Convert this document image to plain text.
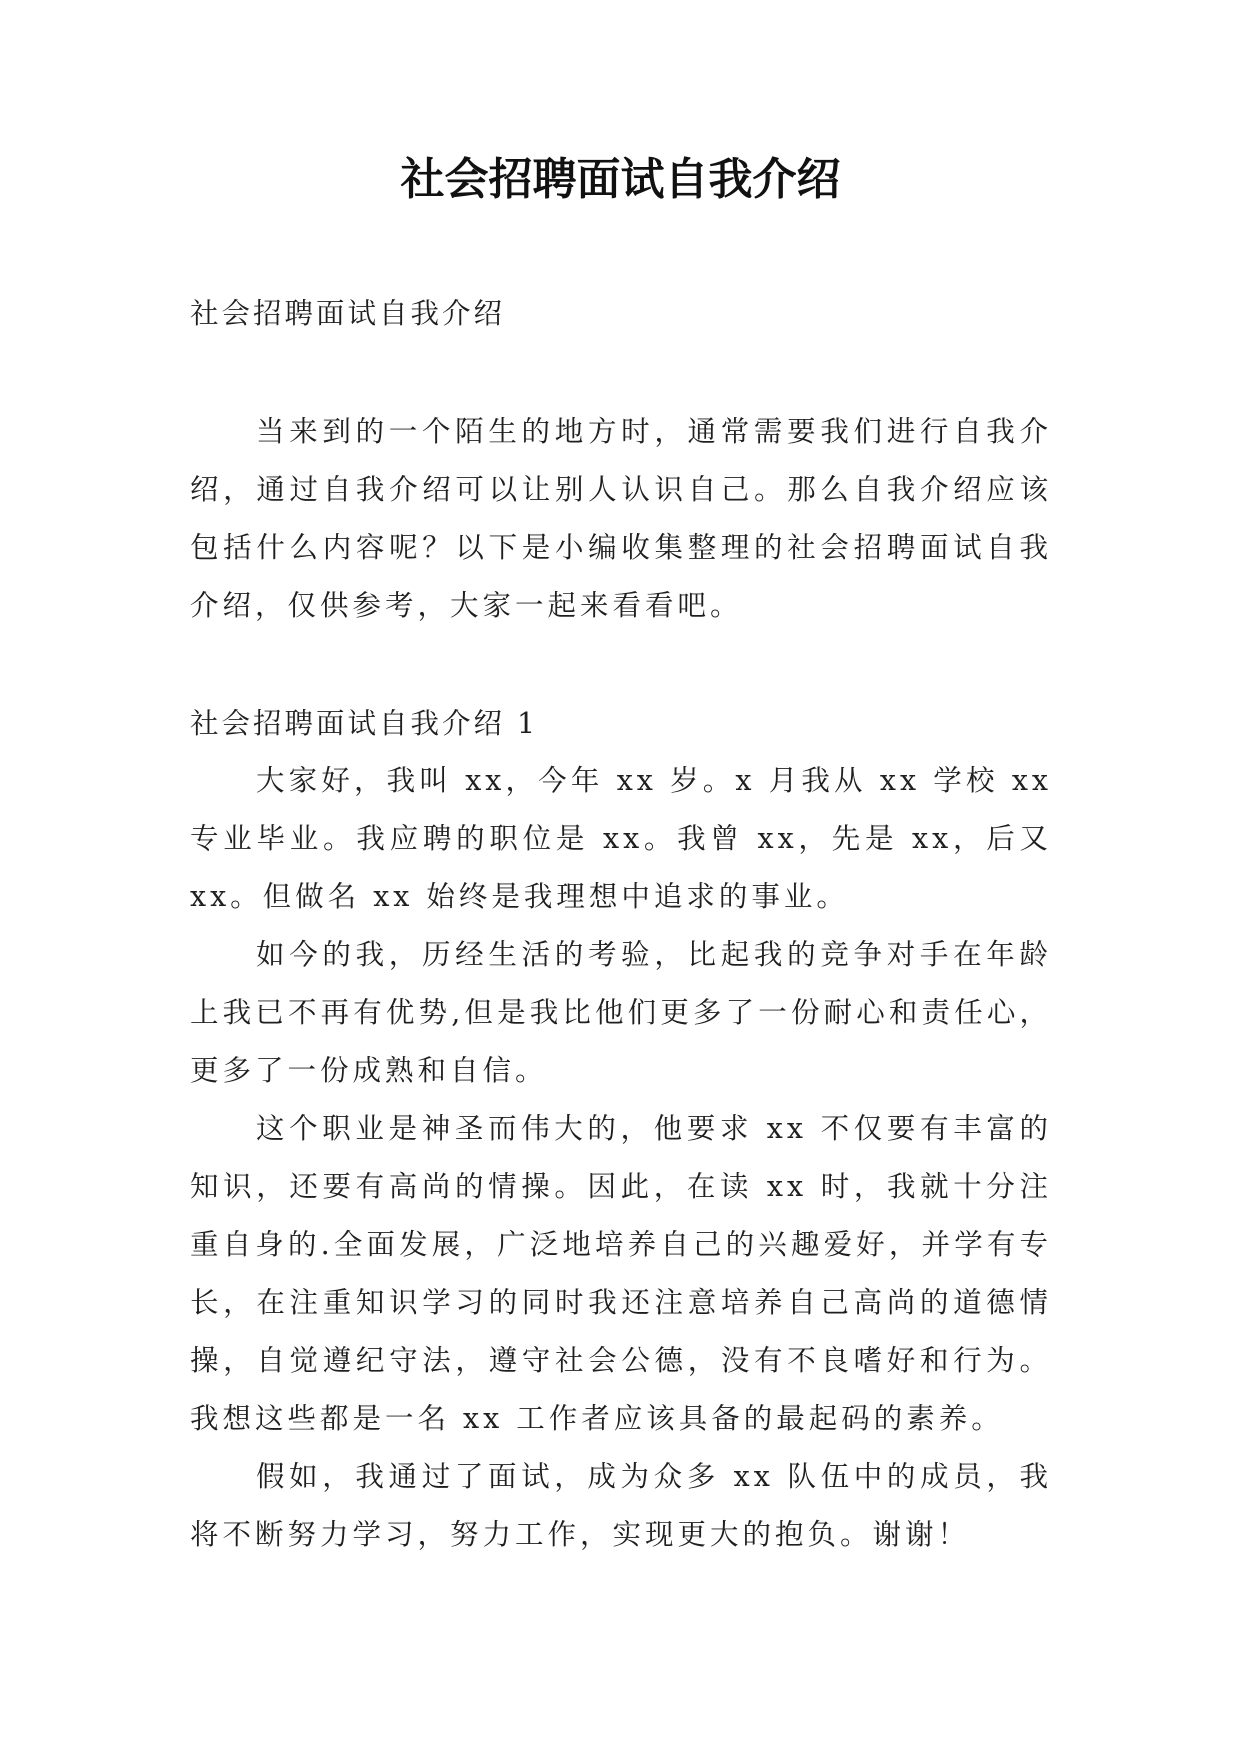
社会招聘面试自我介绍

社会招聘面试自我介绍

当来到的一个陌生的地方时，通常需要我们进行自我介绍，通过自我介绍可以让别人认识自己。那么自我介绍应该包括什么内容呢？以下是小编收集整理的社会招聘面试自我介绍，仅供参考，大家一起来看看吧。

社会招聘面试自我介绍 1

大家好，我叫 xx，今年 xx 岁。x 月我从 xx 学校 xx 专业毕业。我应聘的职位是 xx。我曾 xx，先是 xx，后又 xx。但做名 xx 始终是我理想中追求的事业。

如今的我，历经生活的考验，比起我的竞争对手在年龄上我已不再有优势,但是我比他们更多了一份耐心和责任心，更多了一份成熟和自信。

这个职业是神圣而伟大的，他要求 xx 不仅要有丰富的知识，还要有高尚的情操。因此，在读 xx 时，我就十分注重自身的.全面发展，广泛地培养自己的兴趣爱好，并学有专长，在注重知识学习的同时我还注意培养自己高尚的道德情操，自觉遵纪守法，遵守社会公德，没有不良嗜好和行为。我想这些都是一名 xx 工作者应该具备的最起码的素养。

假如，我通过了面试，成为众多 xx 队伍中的成员，我将不断努力学习，努力工作，实现更大的抱负。谢谢！
